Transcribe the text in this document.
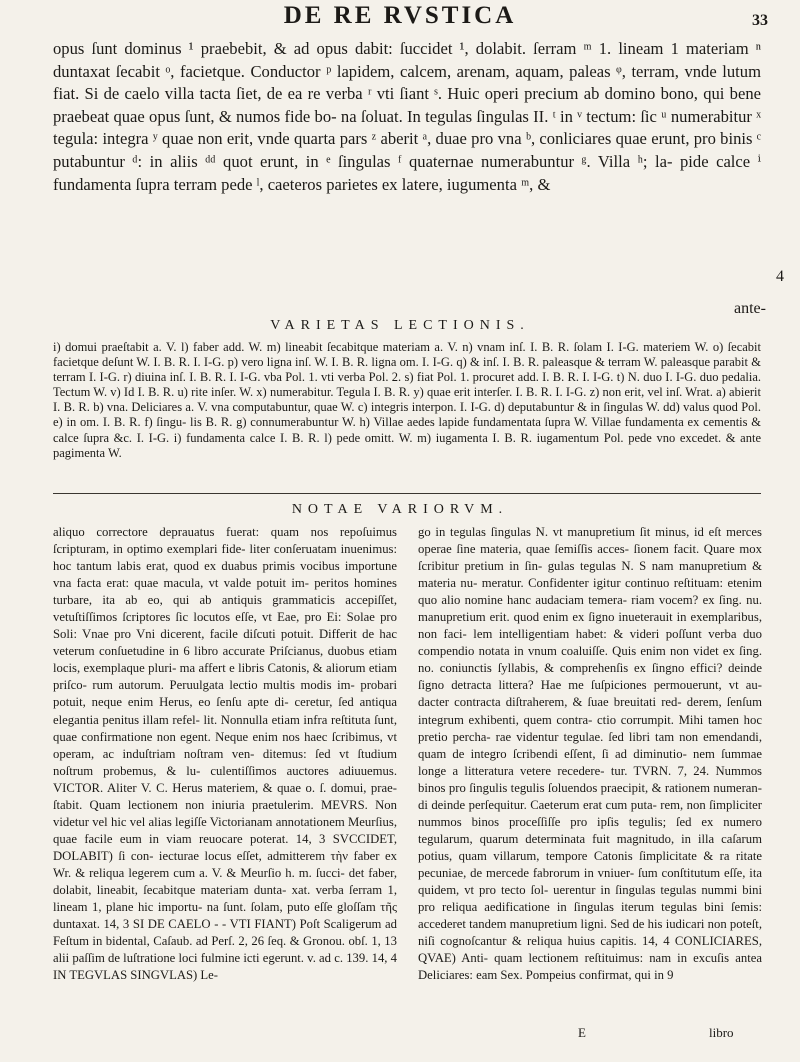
DE RE RVSTICA	33

opus ſunt dominus ¹ praebebit, & ad opus dabit: ſuccidet ¹, dolabit. ſerram ᵐ 1. lineam 1 materiam ⁿ duntaxat ſecabit ᵒ, facietque. Conductor ᵖ lapidem, calcem, arenam, aquam, paleas ᵠ, terram, vnde lutum fiat. Si de caelo villa tacta ſiet, de ea re verba ʳ vti ſiant ˢ. Huic operi precium ab domino bono, qui bene praebeat quae opus ſunt, & numos fide bo- na ſoluat. In tegulas ſingulas II. ᵗ in ᵛ tectum: ſic ᵘ numerabitur ˣ tegula: integra ʸ quae non erit, vnde quarta pars ᶻ aberit ᵃ, duae pro vna ᵇ, conliciares quae erunt, pro binis ᶜ putabuntur ᵈ: in aliis ᵈᵈ quot erunt, in ᵉ ſingulas ᶠ quaternae numerabuntur ᵍ. Villa ʰ; la- pide calce ⁱ fundamenta ſupra terram pede ˡ, caeteros parietes ex latere, iugumenta ᵐ, &

4
ante-
VARIETAS LECTIONIS.

i) domui praeſtabit a. V. l) faber add. W. m) lineabit ſecabitque materiam a. V. n) vnam inſ. I. B. R. ſolam I. I-G. materiem W. o) ſecabit facietque deſunt W. I. B. R. I. I-G. p) vero ligna inſ. W. I. B. R. ligna om. I. I-G. q) & inſ. I. B. R. paleasque & terram W. paleasque parabit & terram I. I-G. r) diuina inſ. I. B. R. I. I-G. vba Pol. 1. vti verba Pol. 2. s) fiat Pol. 1. procuret add. I. B. R. I. I-G. t) N. duo I. I-G. duo pedalia. Tectum W. v) Id I. B. R. u) rite inſer. W. x) numerabitur. Tegula I. B. R. y) quae erit interſer. I. B. R. I. I-G. z) non erit, vel inſ. Wrat. a) abierit I. B. R. b) vna. Deliciares a. V. vna computabuntur, quae W. c) integris interpon. I. I-G. d) deputabuntur & in ſingulas W. dd) valus quod Pol. e) in om. I. B. R. f) ſingu- lis B. R. g) connumerabuntur W. h) Villae aedes lapide fundamentata ſupra W. Villae fundamenta ex cementis & calce ſupra &c. I. I-G. i) fundamenta calce I. B. R. l) pede omitt. W. m) iugamenta I. B. R. iugamentum Pol. pede vno excedet. & ante pagimenta W.

NOTAE VARIORVM.

aliquo correctore deprauatus fuerat: quam nos repoſuimus ſcripturam, in optimo exemplari fide- liter conſeruatam inuenimus: hoc tantum labis erat, quod ex duabus primis vocibus importune vna facta erat: quae macula, vt valde potuit im- peritos homines turbare, ita ab eo, qui ab antiquis grammaticis accepiſſet, vetuſtiſſimos ſcriptores ſic locutos eſſe, vt Eae, pro Ei: Solae pro Soli: Vnae pro Vni dicerent, facile diſcuti potuit. Differit de hac veterum conſuetudine in 6 libro accurate Priſcianus, duobus etiam locis, exemplaque pluri- ma affert e libris Catonis, & aliorum etiam priſco- rum autorum. Peruulgata lectio multis modis im- probari potuit, neque enim Herus, eo ſenſu apte di- ceretur, ſed antiqua elegantia penitus illam refel- lit. Nonnulla etiam infra reſtituta ſunt, quae confirmatione non egent. Neque enim nos haec ſcribimus, vt operam, ac induſtriam noſtram ven- ditemus: ſed vt ſtudium noſtrum probemus, & lu- culentiſſimos auctores adiuuemus. VICTOR. Aliter V. C. Herus materiem, & quae o. ſ. domui, prae- ſtabit. Quam lectionem non iniuria praetulerim. MEVRS. Non videtur vel hic vel alias legiſſe Victorianam annotationem Meurſius, quae facile eum in viam reuocare poterat. 14, 3 SVCCIDET, DOLABIT) ſi con- iecturae locus eſſet, admitterem τὴν faber ex Wr. & reliqua legerem cum a. V. & Meurſio h. m. ſucci- det faber, dolabit, lineabit, ſecabitque materiam dunta- xat. verba ſerram 1, lineam 1, plane hic importu- na ſunt. ſolam, puto eſſe gloſſam τῆς duntaxat. 14, 3 SI DE CAELO - - VTI FIANT) Poſt Scaligerum ad Feſtum in bidental, Caſaub. ad Perſ. 2, 26 ſeq. & Gronou. obſ. 1, 13 alii paſſim de luſtratione loci fulmine icti egerunt. v. ad c. 139. 14, 4 IN TEGVLAS SINGVLAS) Le-

go in tegulas ſingulas N. vt manupretium ſit minus, id eſt merces operae ſine materia, quae ſemiſſis acces- ſionem facit. Quare mox ſcribitur pretium in ſin- gulas tegulas N. S nam manupretium & materia nu- meratur. Confidenter igitur continuo reſtituam: etenim quo alio nomine hanc audaciam temera- riam vocem? ex ſing. nu. manupretium erit. quod enim ex ſigno inueterauit in exemplaribus, non faci- lem intelligentiam habet: & videri poſſunt verba duo compendio notata in vnum coaluiſſe. Quis enim non videt ex ſing. no. coniunctis ſyllabis, & comprehenſis ex ſingno effici? deinde ſigno detracta littera? Hae me ſuſpiciones permouerunt, vt au- dacter contracta diſtraherem, & ſuae breuitati red- derem, ſenſum integrum exhibenti, quem contra- ctio corrumpit. Mihi tamen hoc pretio percha- rae videntur tegulae. ſed libri tam non emendandi, quam de integro ſcribendi eſſent, ſi ad diminutio- nem ſummae longe a litteratura vetere recedere- tur. TVRN. 7, 24. Nummos binos pro ſingulis tegulis ſoluendos praecipit, & rationem numeran- di deinde perſequitur. Caeterum erat cum puta- rem, non ſimpliciter nummos binos proceſſiſſe pro ipſis tegulis; ſed ex numero tegularum, quarum determinata fuit magnitudo, in illa caſarum potius, quam villarum, tempore Catonis ſimplicitate & ra ritate pecuniae, de mercede fabrorum in vniuer- ſum conſtitutum eſſe, ita quidem, vt pro tecto ſol- uerentur in ſingulas tegulas nummi bini pro reliqua aedificatione in ſingulas iterum tegulas bini ſemis: accederet tandem manupretium ligni. Sed de his iudicari non poteſt, niſi cognoſcantur & reliqua huius capitis. 14, 4 CONLICIARES, QVAE) Anti- quam lectionem reſtituimus: nam in excuſis antea Deliciares: eam Sex. Pompeius confirmat, qui in 9

E	libro
